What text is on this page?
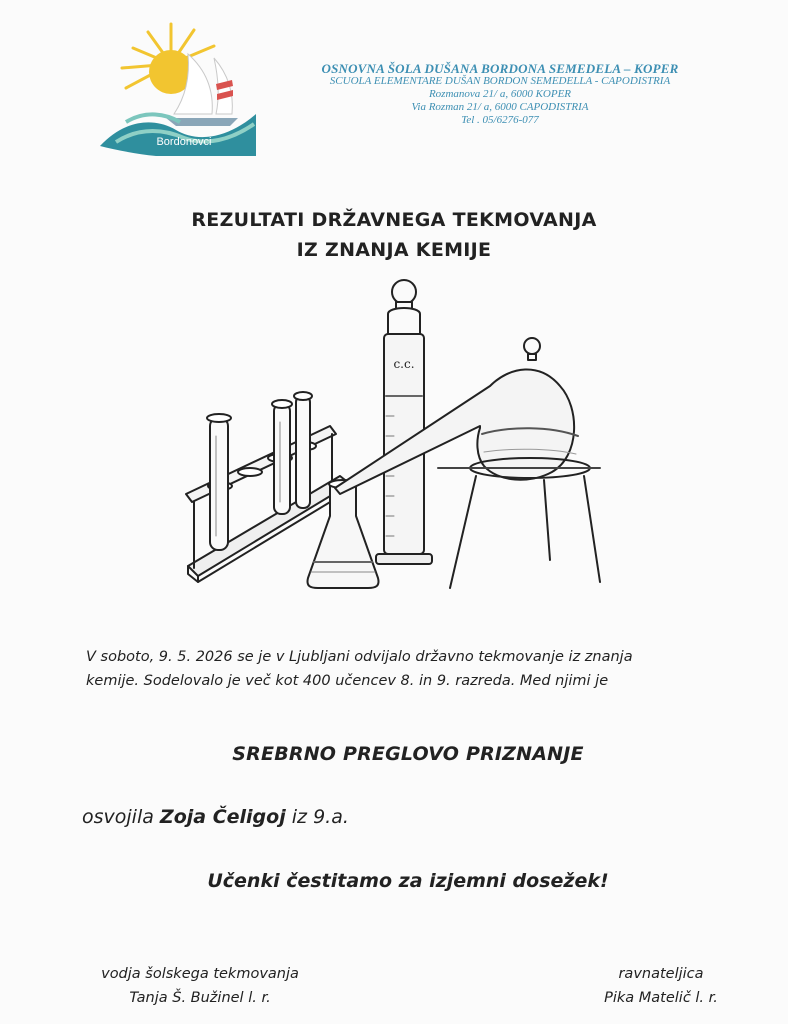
Bordonovci
OSNOVNA ŠOLA DUŠANA BORDONA SEMEDELA – KOPER
SCUOLA ELEMENTARE DUŠAN BORDON SEMEDELLA - CAPODISTRIA
Rozmanova 21/ a, 6000 KOPER
Via Rozman 21/ a, 6000 CAPODISTRIA
Tel . 05/6276-077
REZULTATI DRŽAVNEGA TEKMOVANJA
IZ ZNANJA KEMIJE
c.c.
V soboto, 9. 5. 2026 se je v Ljubljani odvijalo državno tekmovanje iz znanja
kemije. Sodelovalo je več kot 400 učencev 8. in 9. razreda. Med njimi je
SREBRNO PREGLOVO PRIZNANJE
osvojila Zoja Čeligoj iz 9.a.
Učenki čestitamo za izjemni dosežek!
vodja šolskega tekmovanja
Tanja Š. Bužinel l. r.
ravnateljica
Pika Matelič l. r.
